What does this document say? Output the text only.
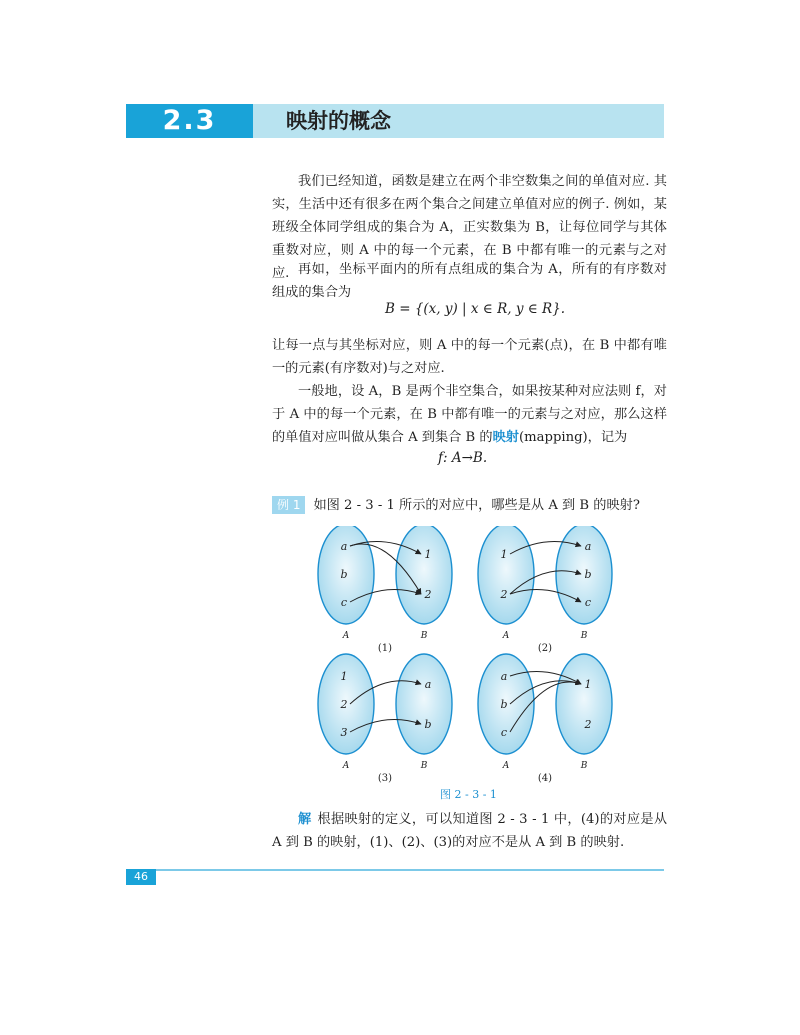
2.3	映射的概念
我们已经知道，函数是建立在两个非空数集之间的单值对应. 其实，生活中还有很多在两个集合之间建立单值对应的例子. 例如，某班级全体同学组成的集合为 A，正实数集为 B，让每位同学与其体重数对应，则 A 中的每一个元素，在 B 中都有唯一的元素与之对应. 再如，坐标平面内的所有点组成的集合为 A，所有的有序数对组成的集合为
B = {(x, y) | x ∈ R, y ∈ R}.
让每一点与其坐标对应，则 A 中的每一个元素(点)，在 B 中都有唯一的元素(有序数对)与之对应.
一般地，设 A，B 是两个非空集合，如果按某种对应法则 f，对于 A 中的每一个元素，在 B 中都有唯一的元素与之对应，那么这样的单值对应叫做从集合 A 到集合 B 的映射(mapping)，记为
f: A→B.
例 1 如图 2 - 3 - 1 所示的对应中，哪些是从 A 到 B 的映射?
a
b
c
1
2
A	B
(1)
1
2
a
b
c
A	B
(2)
1
2
3
a
b
A	B
(3)
a
b
c
1
2
A	B
(4)
图 2 - 3 - 1
解 根据映射的定义，可以知道图 2 - 3 - 1 中，(4)的对应是从 A 到 B 的映射，(1)、(2)、(3)的对应不是从 A 到 B 的映射.
46
